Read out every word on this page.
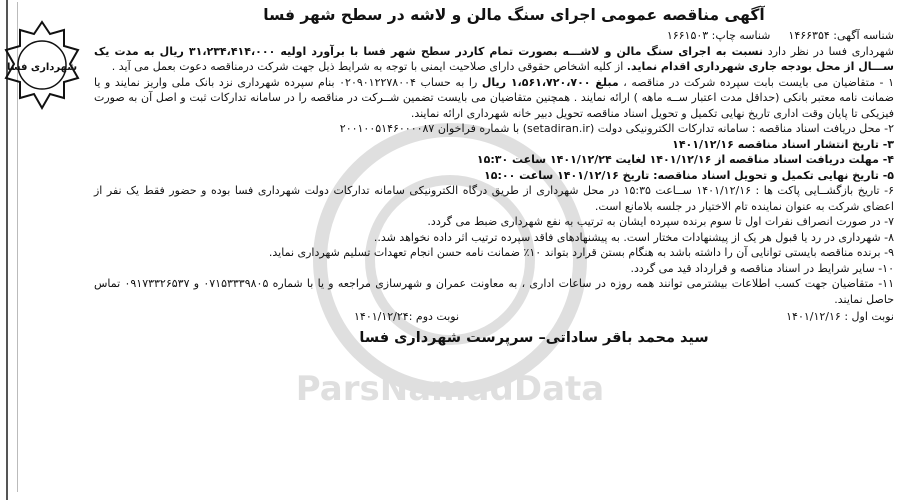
ParsNamadData
شهرداری فسا
آگهی مناقصه عمومی اجرای سنگ مالن و لاشه در سطح شهر فسا
شناسه آگهی: ۱۴۶۶۳۵۴
شناسه چاپ: ۱۶۶۱۵۰۳

شهرداری فسا در نظر دارد نسبت به اجرای سنگ مالن و لاشـــه بصورت تمام کاردر سطح شهر فسا با برآورد اولیه ۳۱،۲۳۴،۴۱۴،۰۰۰ ریال به مدت یک ســـال از محل بودجه جاری شهرداری اقدام نماید. از کلیه اشخاص حقوقی دارای صلاحیت ایمنی با توجه به شرایط ذیل جهت شرکت درمناقصه دعوت بعمل می آید .

۱ - متقاضیان می بایست بابت سپرده شرکت در مناقصه ، مبلغ ۱،۵۶۱،۷۲۰،۷۰۰ ریال را به حساب ۰۲۰۹۰۱۲۲۷۸۰۰۴ بنام سپرده شهرداری نزد بانک ملی واریز نمایند و یا ضمانت نامه معتبر بانکی (حداقل مدت اعتبار ســه ماهه ) ارائه نمایند . همچنین متقاضیان می بایست تضمین شــرکت در مناقصه را در سامانه تدارکات ثبت و اصل آن به صورت فیزیکی تا پایان وقت اداری تاریخ نهایی تکمیل و تحویل اسناد مناقصه تحویل دبیر خانه شهرداری ارائه نمایند.

۲- محل دریافت اسناد مناقصه : سامانه تدارکات الکترونیکی دولت (setadiran.ir) با شماره فراخوان ۲۰۰۱۰۰۵۱۴۶۰۰۰۰۸۷

۳- تاریخ انتشار اسناد مناقصه ۱۴۰۱/۱۲/۱۶

۴- مهلت دریافت اسناد مناقصه از ۱۴۰۱/۱۲/۱۶ لغایت ۱۴۰۱/۱۲/۲۴ ساعت ۱۵:۳۰

۵- تاریخ نهایی تکمیل و تحویل اسناد مناقصه: تاریخ ۱۴۰۱/۱۲/۱۶ ساعت ۱۵:۰۰

۶- تاریخ بازگشــایی پاکت ها : ۱۴۰۱/۱۲/۱۶ ســاعت ۱۵:۳۵ در محل شهرداری از طریق درگاه الکترونیکی سامانه تدارکات دولت شهرداری فسا بوده و حضور فقط یک نفر از اعضای شرکت به عنوان نماینده تام الاختیار در جلسه بلامانع است.

۷- در صورت انصراف نفرات اول تا سوم برنده سپرده ایشان به ترتیب به نفع شهرداری ضبط می گردد.

۸- شهرداری در رد یا قبول هر یک از پیشنهادات مختار است. به پیشنهادهای فاقد سپرده ترتیب اثر داده نخواهد شد..

۹- برنده مناقصه بایستی توانایی آن را داشته باشد به هنگام بستن قرارد بتواند ۱۰٪ ضمانت نامه حسن انجام تعهدات تسلیم شهرداری نماید.

۱۰- سایر شرایط در اسناد مناقصه و قرارداد قید می گردد.

۱۱- متقاضیان جهت کسب اطلاعات بیشترمی توانند همه روزه در ساعات اداری ، به معاونت عمران و شهرسازی مراجعه و یا با شماره ۰۷۱۵۳۳۳۹۸۰۵ و ۰۹۱۷۳۳۲۶۵۳۷ تماس حاصل نمایند.

نوبت اول : ۱۴۰۱/۱۲/۱۶
نوبت دوم :۱۴۰۱/۱۲/۲۴
سید محمد باقر ساداتی– سرپرست شهرداری فسا
